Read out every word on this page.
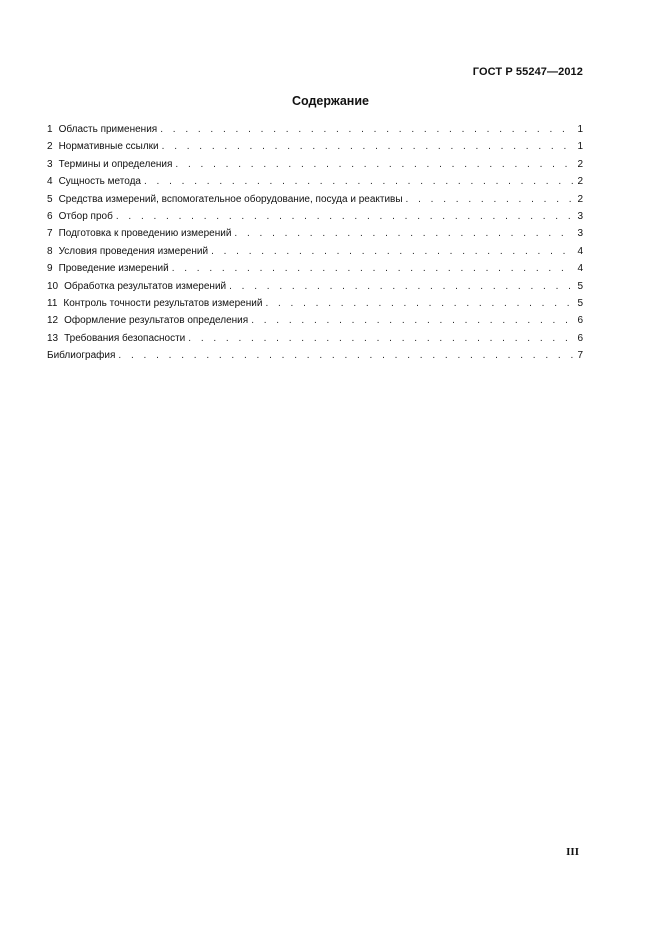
ГОСТ Р 55247—2012
Содержание
1 Область применения . . .	1
2 Нормативные ссылки . . .	1
3 Термины и определения . . .	2
4 Сущность метода . . .	2
5 Средства измерений, вспомогательное оборудование, посуда и реактивы . . .	2
6 Отбор проб . . .	3
7 Подготовка к проведению измерений . . .	3
8 Условия проведения измерений . . .	4
9 Проведение измерений . . .	4
10 Обработка результатов измерений . . .	5
11 Контроль точности результатов измерений . . .	5
12 Оформление результатов определения . . .	6
13 Требования безопасности . . .	6
Библиография . . .	7
III
